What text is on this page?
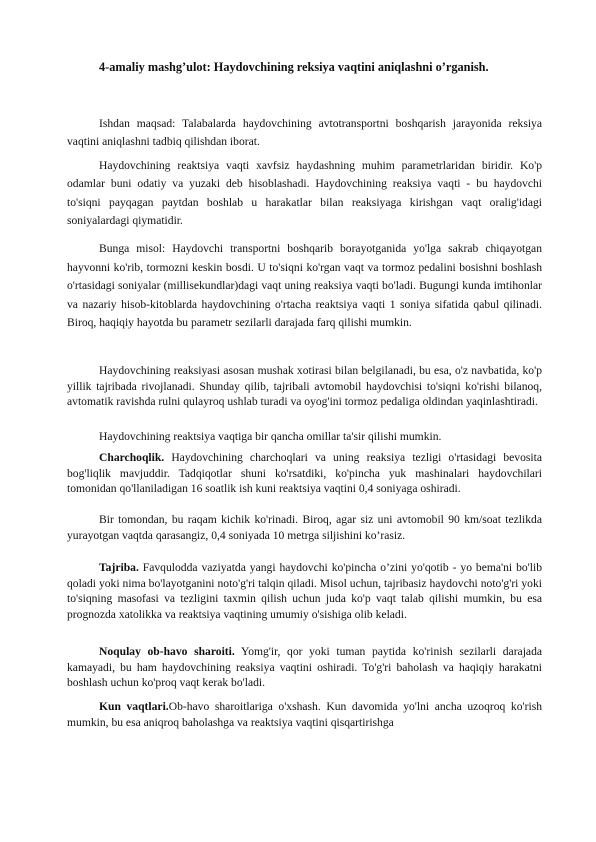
4-amaliy mashg’ulot: Haydovchining reksiya vaqtini aniqlashni o’rganish.

Ishdan maqsad: Talabalarda haydovchining avtotransportni boshqarish jarayonida reksiya vaqtini aniqlashni tadbiq qilishdan iborat.

Haydovchining reaktsiya vaqti xavfsiz haydashning muhim parametrlaridan biridir. Ko'p odamlar buni odatiy va yuzaki deb hisoblashadi. Haydovchining reaksiya vaqti - bu haydovchi to'siqni payqagan paytdan boshlab u harakatlar bilan reaksiyaga kirishgan vaqt oralig'idagi soniyalardagi qiymatidir.

Bunga misol: Haydovchi transportni boshqarib borayotganida yo'lga sakrab chiqayotgan hayvonni ko'rib, tormozni keskin bosdi. U to'siqni ko'rgan vaqt va tormoz pedalini bosishni boshlash o'rtasidagi soniyalar (millisekundlar)dagi vaqt uning reaksiya vaqti bo'ladi. Bugungi kunda imtihonlar va nazariy hisob-kitoblarda haydovchining o'rtacha reaktsiya vaqti 1 soniya sifatida qabul qilinadi. Biroq, haqiqiy hayotda bu parametr sezilarli darajada farq qilishi mumkin.

Haydovchining reaksiyasi asosan mushak xotirasi bilan belgilanadi, bu esa, o'z navbatida, ko'p yillik tajribada rivojlanadi. Shunday qilib, tajribali avtomobil haydovchisi to'siqni ko'rishi bilanoq, avtomatik ravishda rulni qulayroq ushlab turadi va oyog'ini tormoz pedaliga oldindan yaqinlashtiradi.

Haydovchining reaktsiya vaqtiga bir qancha omillar ta'sir qilishi mumkin.

Charchoqlik. Haydovchining charchoqlari va uning reaksiya tezligi o'rtasidagi bevosita bog'liqlik mavjuddir. Tadqiqotlar shuni ko'rsatdiki, ko'pincha yuk mashinalari haydovchilari tomonidan qo'llaniladigan 16 soatlik ish kuni reaktsiya vaqtini 0,4 soniyaga oshiradi.

Bir tomondan, bu raqam kichik ko'rinadi. Biroq, agar siz uni avtomobil 90 km/soat tezlikda yurayotgan vaqtda qarasangiz, 0,4 soniyada 10 metrga siljishini ko’rasiz.

Tajriba. Favqulodda vaziyatda yangi haydovchi ko'pincha o’zini yo'qotib - yo bema'ni bo'lib qoladi yoki nima bo'layotganini noto'g'ri talqin qiladi. Misol uchun, tajribasiz haydovchi noto'g'ri yoki to'siqning masofasi va tezligini taxmin qilish uchun juda ko'p vaqt talab qilishi mumkin, bu esa prognozda xatolikka va reaktsiya vaqtining umumiy o'sishiga olib keladi.

Noqulay ob-havo sharoiti. Yomg'ir, qor yoki tuman paytida ko'rinish sezilarli darajada kamayadi, bu ham haydovchining reaksiya vaqtini oshiradi. To'g'ri baholash va haqiqiy harakatni boshlash uchun ko'proq vaqt kerak bo'ladi.

Kun vaqtlari.Ob-havo sharoitlariga o'xshash. Kun davomida yo'lni ancha uzoqroq ko'rish mumkin, bu esa aniqroq baholashga va reaktsiya vaqtini qisqartirishga
